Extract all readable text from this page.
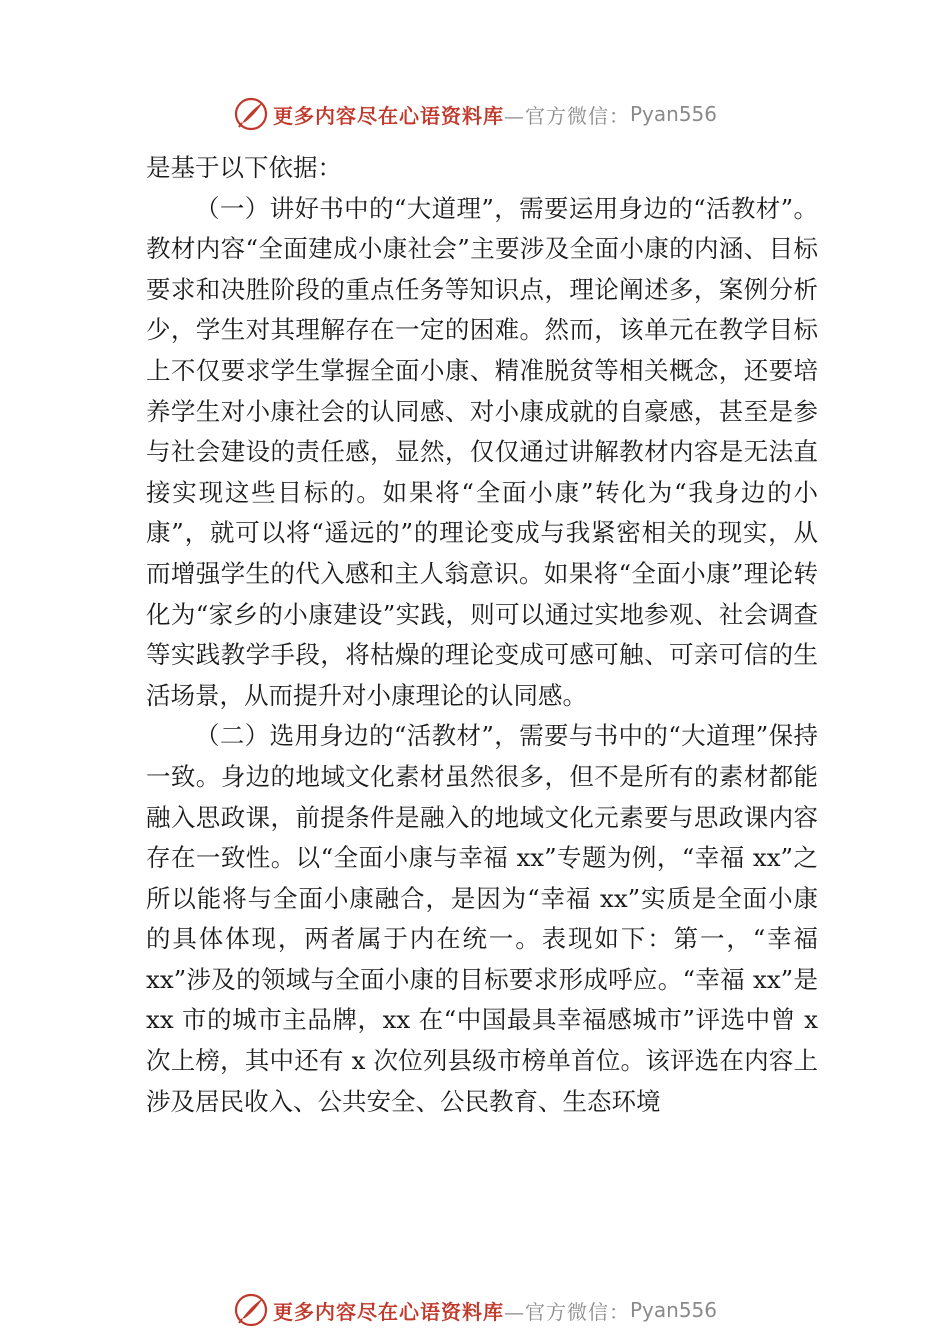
更多内容尽在心语资料库 —官方微信： Pyan556

是基于以下依据：

（一）讲好书中的“大道理”，需要运用身边的“活教材”。教材内容“全面建成小康社会”主要涉及全面小康的内涵、目标要求和决胜阶段的重点任务等知识点，理论阐述多，案例分析少，学生对其理解存在一定的困难。然而，该单元在教学目标上不仅要求学生掌握全面小康、精准脱贫等相关概念，还要培养学生对小康社会的认同感、对小康成就的自豪感，甚至是参与社会建设的责任感，显然，仅仅通过讲解教材内容是无法直接实现这些目标的。如果将“全面小康”转化为“我身边的小康”，就可以将“遥远的”的理论变成与我紧密相关的现实，从而增强学生的代入感和主人翁意识。如果将“全面小康”理论转化为“家乡的小康建设”实践，则可以通过实地参观、社会调查等实践教学手段，将枯燥的理论变成可感可触、可亲可信的生活场景，从而提升对小康理论的认同感。

（二）选用身边的“活教材”，需要与书中的“大道理”保持一致。身边的地域文化素材虽然很多，但不是所有的素材都能融入思政课，前提条件是融入的地域文化元素要与思政课内容存在一致性。以“全面小康与幸福 xx”专题为例，“幸福 xx”之所以能将与全面小康融合，是因为“幸福 xx”实质是全面小康的具体体现，两者属于内在统一。表现如下：第一，“幸福 xx”涉及的领域与全面小康的目标要求形成呼应。“幸福 xx”是 xx 市的城市主品牌，xx 在“中国最具幸福感城市”评选中曾 x 次上榜，其中还有 x 次位列县级市榜单首位。该评选在内容上涉及居民收入、公共安全、公民教育、生态环境

更多内容尽在心语资料库 —官方微信： Pyan556
